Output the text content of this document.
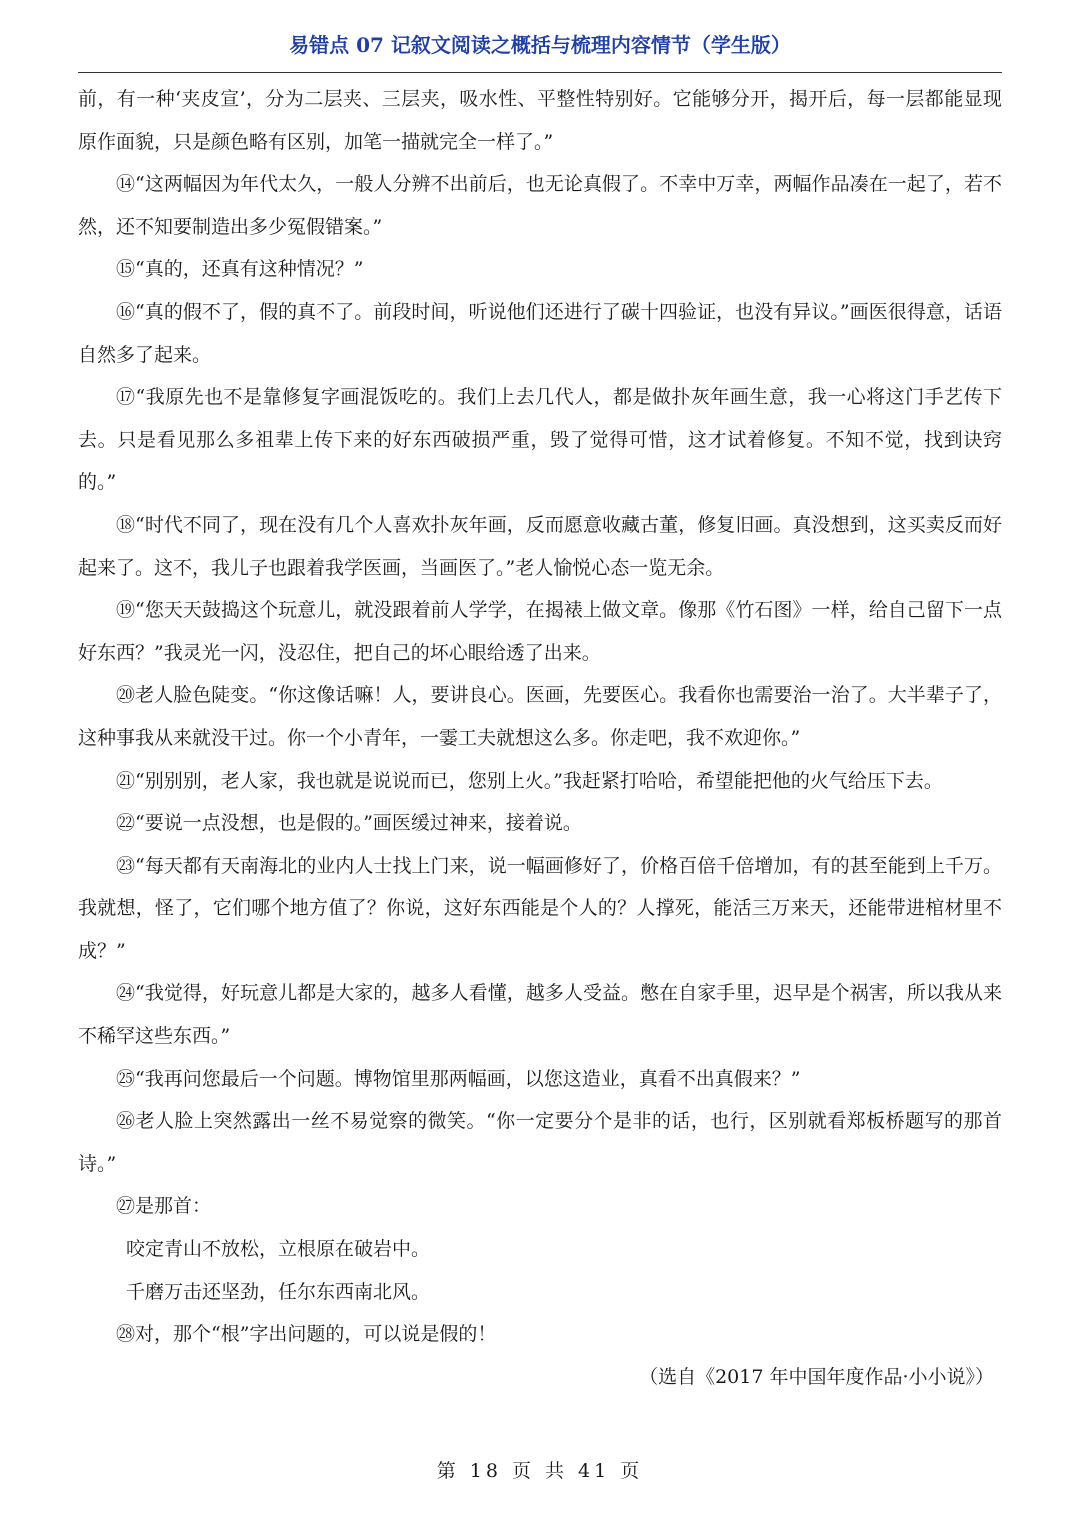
易错点 07 记叙文阅读之概括与梳理内容情节（学生版）

前，有一种‘夹皮宣’，分为二层夹、三层夹，吸水性、平整性特别好。它能够分开，揭开后，每一层都能显现原作面貌，只是颜色略有区别，加笔一描就完全一样了。”

⑭“这两幅因为年代太久，一般人分辨不出前后，也无论真假了。不幸中万幸，两幅作品凑在一起了，若不然，还不知要制造出多少冤假错案。”

⑮“真的，还真有这种情况？”

⑯“真的假不了，假的真不了。前段时间，听说他们还进行了碳十四验证，也没有异议。”画医很得意，话语自然多了起来。

⑰“我原先也不是靠修复字画混饭吃的。我们上去几代人，都是做扑灰年画生意，我一心将这门手艺传下去。只是看见那么多祖辈上传下来的好东西破损严重，毁了觉得可惜，这才试着修复。不知不觉，找到诀窍的。”

⑱“时代不同了，现在没有几个人喜欢扑灰年画，反而愿意收藏古董，修复旧画。真没想到，这买卖反而好起来了。这不，我儿子也跟着我学医画，当画医了。”老人愉悦心态一览无余。

⑲“您天天鼓捣这个玩意儿，就没跟着前人学学，在揭裱上做文章。像那《竹石图》一样，给自己留下一点好东西？”我灵光一闪，没忍住，把自己的坏心眼给透了出来。

⑳老人脸色陡变。“你这像话嘛！人，要讲良心。医画，先要医心。我看你也需要治一治了。大半辈子了，这种事我从来就没干过。你一个小青年，一霎工夫就想这么多。你走吧，我不欢迎你。”

㉑“别别别，老人家，我也就是说说而已，您别上火。”我赶紧打哈哈，希望能把他的火气给压下去。

㉒“要说一点没想，也是假的。”画医缓过神来，接着说。

㉓“每天都有天南海北的业内人士找上门来，说一幅画修好了，价格百倍千倍增加，有的甚至能到上千万。我就想，怪了，它们哪个地方值了？你说，这好东西能是个人的？人撑死，能活三万来天，还能带进棺材里不成？”

㉔“我觉得，好玩意儿都是大家的，越多人看懂，越多人受益。憋在自家手里，迟早是个祸害，所以我从来不稀罕这些东西。”

㉕“我再问您最后一个问题。博物馆里那两幅画，以您这造业，真看不出真假来？”

㉖老人脸上突然露出一丝不易觉察的微笑。“你一定要分个是非的话，也行，区别就看郑板桥题写的那首诗。”

㉗是那首：

咬定青山不放松，立根原在破岩中。

千磨万击还坚劲，任尔东西南北风。

㉘对，那个“根”字出问题的，可以说是假的！

（选自《2017 年中国年度作品·小小说》）

第 18 页 共 41 页
